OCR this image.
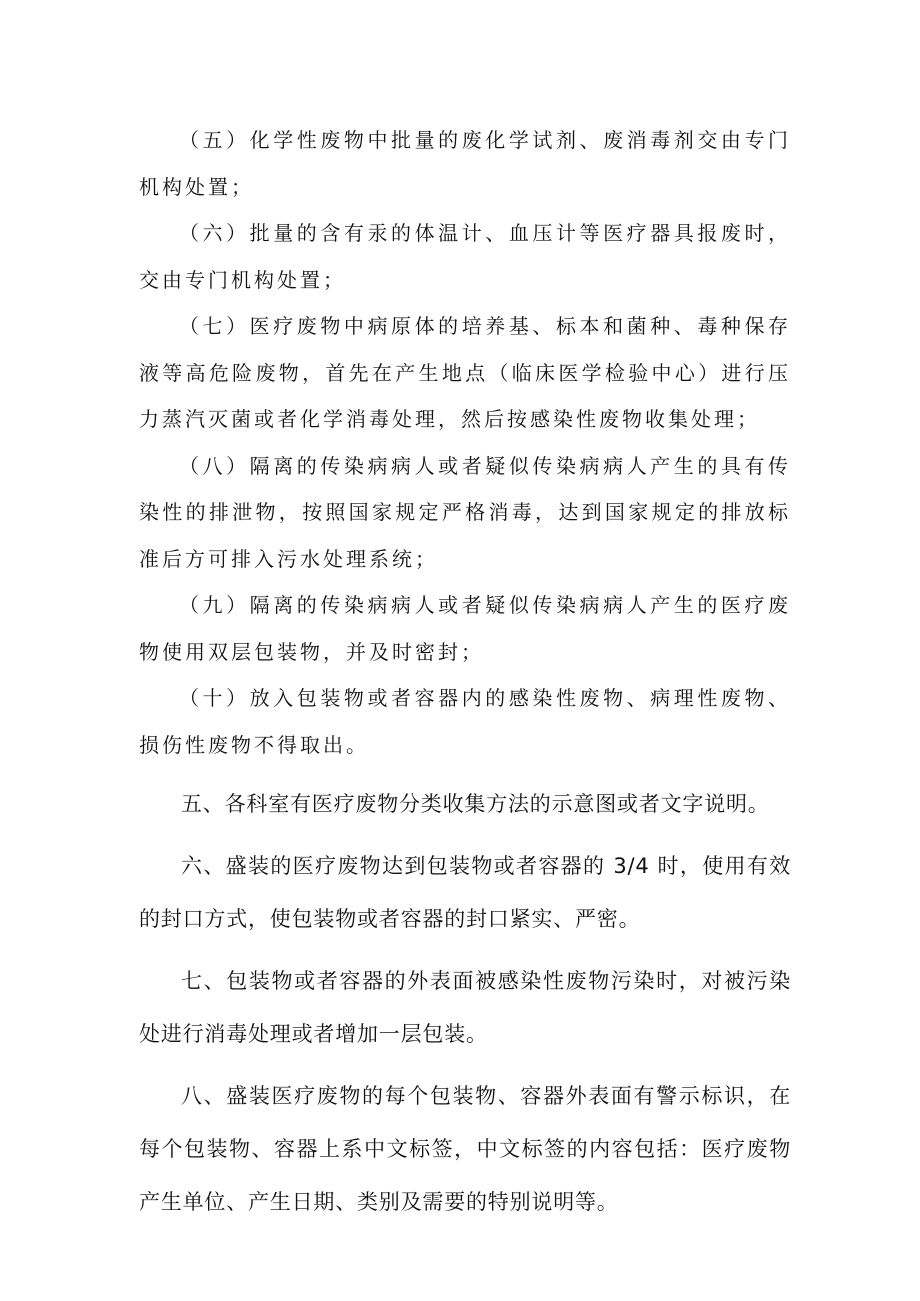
（五）化学性废物中批量的废化学试剂、废消毒剂交由专门机构处置；

（六）批量的含有汞的体温计、血压计等医疗器具报废时，交由专门机构处置；

（七）医疗废物中病原体的培养基、标本和菌种、毒种保存液等高危险废物，首先在产生地点（临床医学检验中心）进行压力蒸汽灭菌或者化学消毒处理，然后按感染性废物收集处理；

（八）隔离的传染病病人或者疑似传染病病人产生的具有传染性的排泄物，按照国家规定严格消毒，达到国家规定的排放标准后方可排入污水处理系统；

（九）隔离的传染病病人或者疑似传染病病人产生的医疗废物使用双层包装物，并及时密封；

（十）放入包装物或者容器内的感染性废物、病理性废物、损伤性废物不得取出。

五、各科室有医疗废物分类收集方法的示意图或者文字说明。

六、盛装的医疗废物达到包装物或者容器的 3/4 时，使用有效的封口方式，使包装物或者容器的封口紧实、严密。

七、包装物或者容器的外表面被感染性废物污染时，对被污染处进行消毒处理或者增加一层包装。

八、盛装医疗废物的每个包装物、容器外表面有警示标识，在每个包装物、容器上系中文标签，中文标签的内容包括：医疗废物产生单位、产生日期、类别及需要的特别说明等。
